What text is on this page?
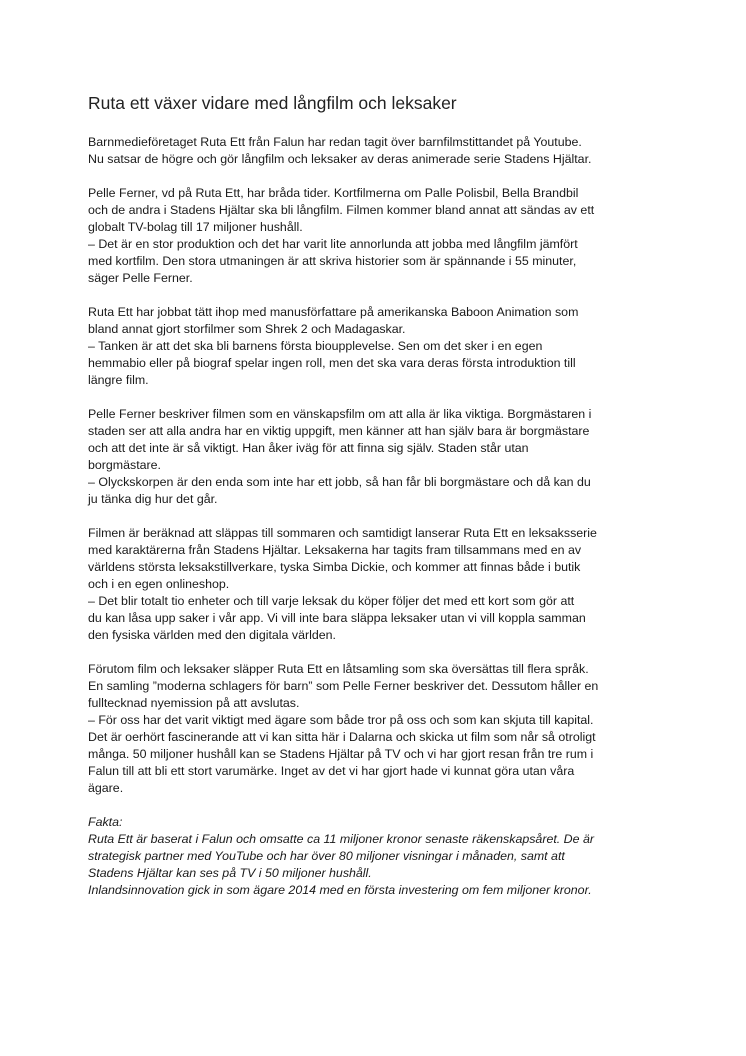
Ruta ett växer vidare med långfilm och leksaker

Barnmedieföretaget Ruta Ett från Falun har redan tagit över barnfilmstittandet på Youtube.
Nu satsar de högre och gör långfilm och leksaker av deras animerade serie Stadens Hjältar.

Pelle Ferner, vd på Ruta Ett, har bråda tider. Kortfilmerna om Palle Polisbil, Bella Brandbil
och de andra i Stadens Hjältar ska bli långfilm. Filmen kommer bland annat att sändas av ett
globalt TV-bolag till 17 miljoner hushåll.
– Det är en stor produktion och det har varit lite annorlunda att jobba med långfilm jämfört
med kortfilm. Den stora utmaningen är att skriva historier som är spännande i 55 minuter,
säger Pelle Ferner.

Ruta Ett har jobbat tätt ihop med manusförfattare på amerikanska Baboon Animation som
bland annat gjort storfilmer som Shrek 2 och Madagaskar.
– Tanken är att det ska bli barnens första bioupplevelse. Sen om det sker i en egen
hemmabio eller på biograf spelar ingen roll, men det ska vara deras första introduktion till
längre film.

Pelle Ferner beskriver filmen som en vänskapsfilm om att alla är lika viktiga. Borgmästaren i
staden ser att alla andra har en viktig uppgift, men känner att han själv bara är borgmästare
och att det inte är så viktigt. Han åker iväg för att finna sig själv. Staden står utan
borgmästare.
– Olyckskorpen är den enda som inte har ett jobb, så han får bli borgmästare och då kan du
ju tänka dig hur det går.

Filmen är beräknad att släppas till sommaren och samtidigt lanserar Ruta Ett en leksaksserie
med karaktärerna från Stadens Hjältar. Leksakerna har tagits fram tillsammans med en av
världens största leksakstillverkare, tyska Simba Dickie, och kommer att finnas både i butik
och i en egen onlineshop.
– Det blir totalt tio enheter och till varje leksak du köper följer det med ett kort som gör att
du kan låsa upp saker i vår app. Vi vill inte bara släppa leksaker utan vi vill koppla samman
den fysiska världen med den digitala världen.

Förutom film och leksaker släpper Ruta Ett en låtsamling som ska översättas till flera språk.
En samling ”moderna schlagers för barn” som Pelle Ferner beskriver det. Dessutom håller en
fulltecknad nyemission på att avslutas.
– För oss har det varit viktigt med ägare som både tror på oss och som kan skjuta till kapital.
Det är oerhört fascinerande att vi kan sitta här i Dalarna och skicka ut film som når så otroligt
många. 50 miljoner hushåll kan se Stadens Hjältar på TV och vi har gjort resan från tre rum i
Falun till att bli ett stort varumärke. Inget av det vi har gjort hade vi kunnat göra utan våra
ägare.

Fakta:
Ruta Ett är baserat i Falun och omsatte ca 11 miljoner kronor senaste räkenskapsåret. De är
strategisk partner med YouTube och har över 80 miljoner visningar i månaden, samt att
Stadens Hjältar kan ses på TV i 50 miljoner hushåll.
Inlandsinnovation gick in som ägare 2014 med en första investering om fem miljoner kronor.
